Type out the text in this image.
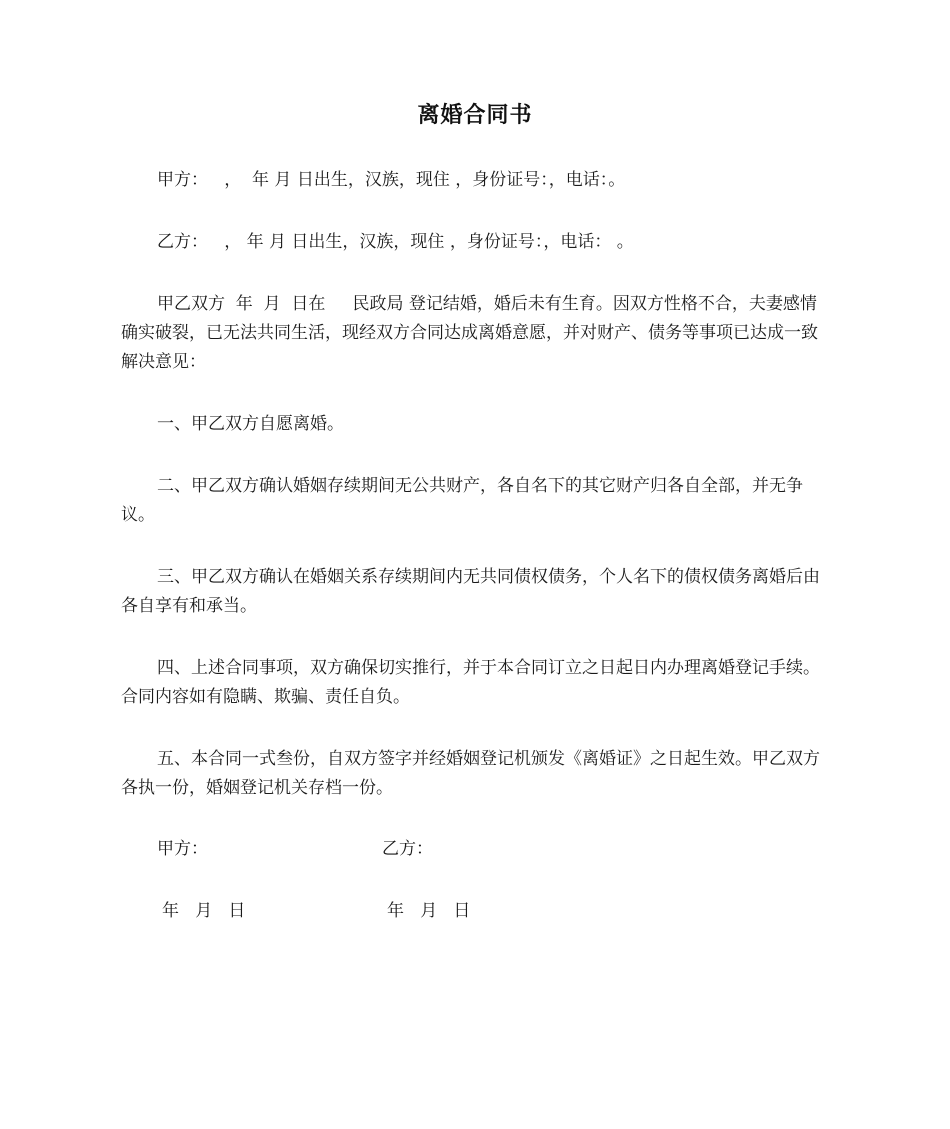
离婚合同书
甲方：   ，  年 月 日出生，汉族，现住 ，身份证号：，电话：。
乙方：   ， 年 月 日出生，汉族，现住 ，身份证号：，电话： 。
甲乙双方  年  月  日在     民政局 登记结婚，婚后未有生育。因双方性格不合，夫妻感情确实破裂，已无法共同生活，现经双方合同达成离婚意愿，并对财产、债务等事项已达成一致解决意见：
一、甲乙双方自愿离婚。
二、甲乙双方确认婚姻存续期间无公共财产，各自名下的其它财产归各自全部，并无争议。
三、甲乙双方确认在婚姻关系存续期间内无共同债权债务，个人名下的债权债务离婚后由各自享有和承当。
四、上述合同事项，双方确保切实推行，并于本合同订立之日起日内办理离婚登记手续。合同内容如有隐瞒、欺骗、责任自负。
五、本合同一式叁份，自双方签字并经婚姻登记机颁发《离婚证》之日起生效。甲乙双方各执一份，婚姻登记机关存档一份。
甲方：	乙方：
年   月   日	年   月   日
